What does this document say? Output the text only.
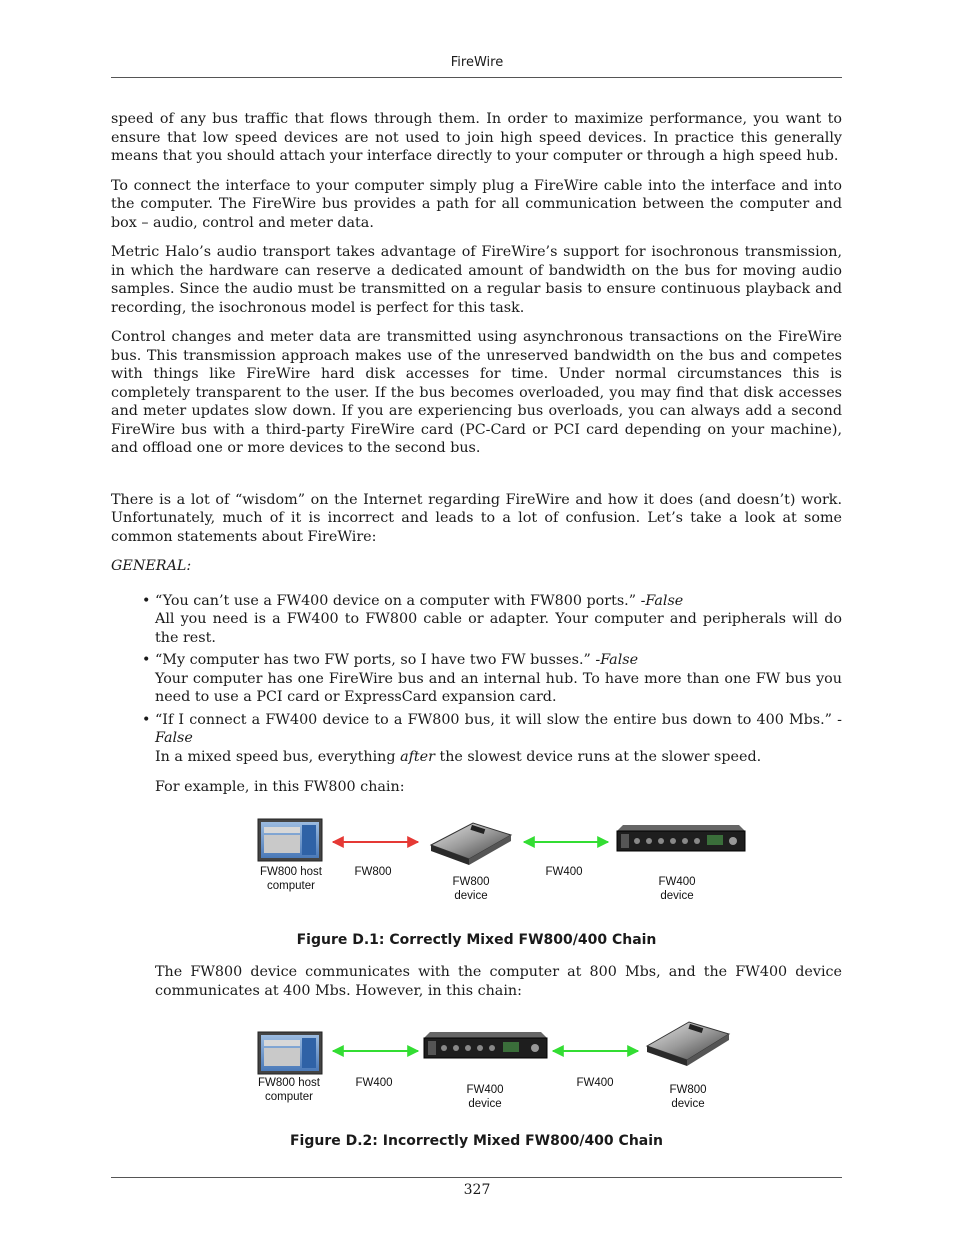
FireWire

speed of any bus traffic that flows through them. In order to maximize performance, you want to ensure that low speed devices are not used to join high speed devices. In practice this generally means that you should attach your interface directly to your computer or through a high speed hub.

To connect the interface to your computer simply plug a FireWire cable into the interface and into the computer. The FireWire bus provides a path for all communication between the computer and box – audio, control and meter data.

Metric Halo’s audio transport takes advantage of FireWire’s support for isochronous transmission, in which the hardware can reserve a dedicated amount of bandwidth on the bus for moving audio samples. Since the audio must be transmitted on a regular basis to ensure continuous playback and recording, the isochronous model is perfect for this task.

Control changes and meter data are transmitted using asynchronous transactions on the FireWire bus. This transmission approach makes use of the unreserved bandwidth on the bus and competes with things like FireWire hard disk accesses for time. Under normal circumstances this is completely transparent to the user. If the bus becomes overloaded, you may find that disk accesses and meter updates slow down. If you are experiencing bus overloads, you can always add a second FireWire bus with a third-party FireWire card (PC-Card or PCI card depending on your machine), and offload one or more devices to the second bus.

There is a lot of “wisdom” on the Internet regarding FireWire and how it does (and doesn’t) work. Unfortunately, much of it is incorrect and leads to a lot of confusion. Let’s take a look at some common statements about FireWire:

GENERAL:

• “You can’t use a FW400 device on a computer with FW800 ports.” -False
All you need is a FW400 to FW800 cable or adapter. Your computer and peripherals will do the rest.
• “My computer has two FW ports, so I have two FW busses.” -False
Your computer has one FireWire bus and an internal hub. To have more than one FW bus you need to use a PCI card or ExpressCard expansion card.
• “If I connect a FW400 device to a FW800 bus, it will slow the entire bus down to 400 Mbs.” -False
In a mixed speed bus, everything after the slowest device runs at the slower speed.

For example, in this FW800 chain:

FW800 host
computer
FW800
FW800
device
FW400
FW400
device
Figure D.1: Correctly Mixed FW800/400 Chain

The FW800 device communicates with the computer at 800 Mbs, and the FW400 device communicates at 400 Mbs. However, in this chain:

FW800 host
computer
FW400
FW400
device
FW400
FW800
device
Figure D.2: Incorrectly Mixed FW800/400 Chain
327
